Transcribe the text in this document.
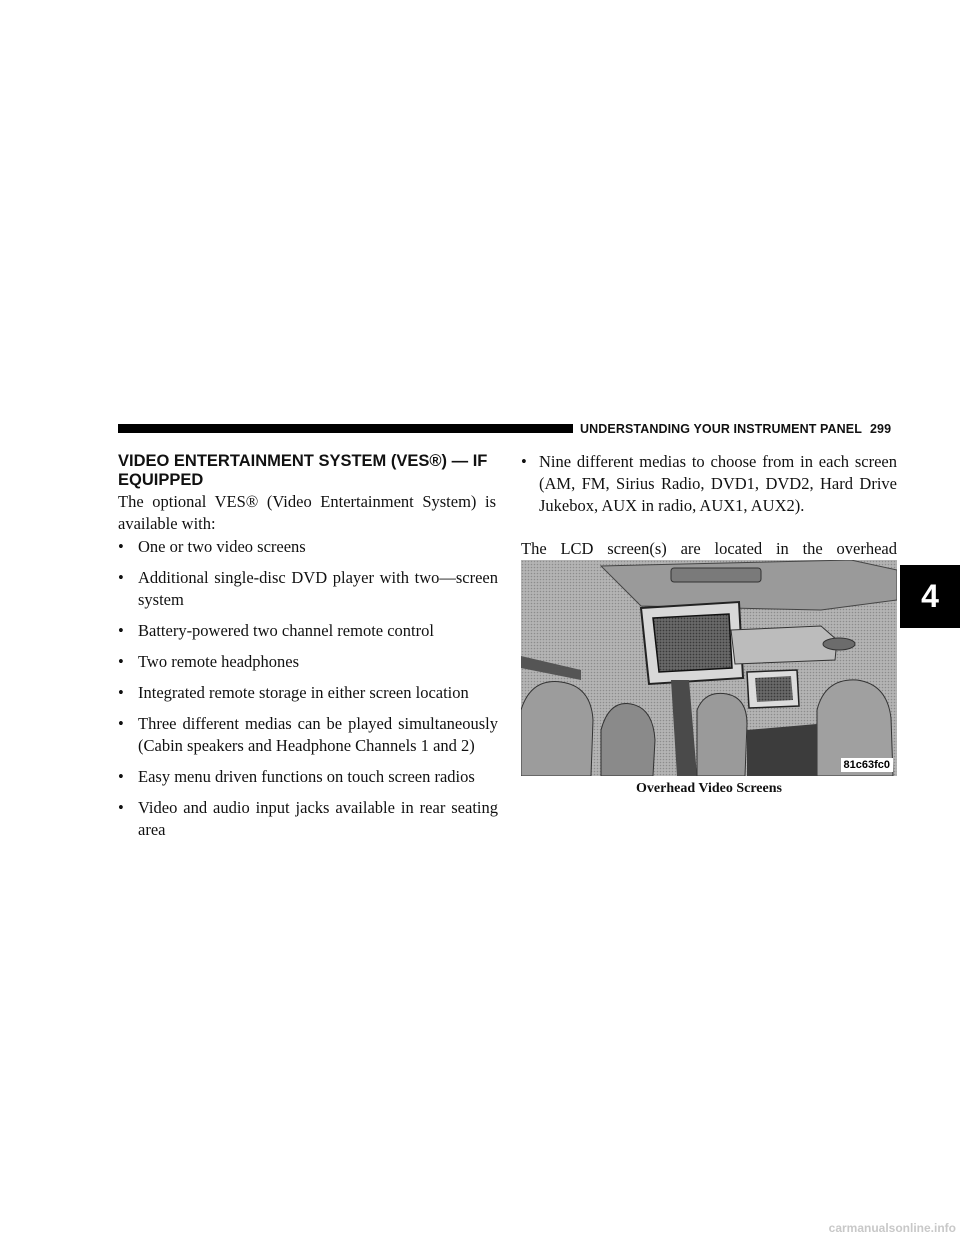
UNDERSTANDING YOUR INSTRUMENT PANEL 299
4
VIDEO ENTERTAINMENT SYSTEM (VES®) — IF EQUIPPED

The optional VES® (Video Entertainment System) is available with:

• One or two video screens
• Additional single-disc DVD player with two—screen system
• Battery-powered two channel remote control
• Two remote headphones
• Integrated remote storage in either screen location
• Three different medias can be played simultaneously (Cabin speakers and Headphone Channels 1 and 2)
• Easy menu driven functions on touch screen radios
• Video and audio input jacks available in rear seating area
• Nine different medias to choose from in each screen (AM, FM, Sirius Radio, DVD1, DVD2, Hard Drive Jukebox, AUX in radio, AUX1, AUX2).

The LCD screen(s) are located in the overhead

81c63fc0
Overhead Video Screens
carmanualsonline.info
